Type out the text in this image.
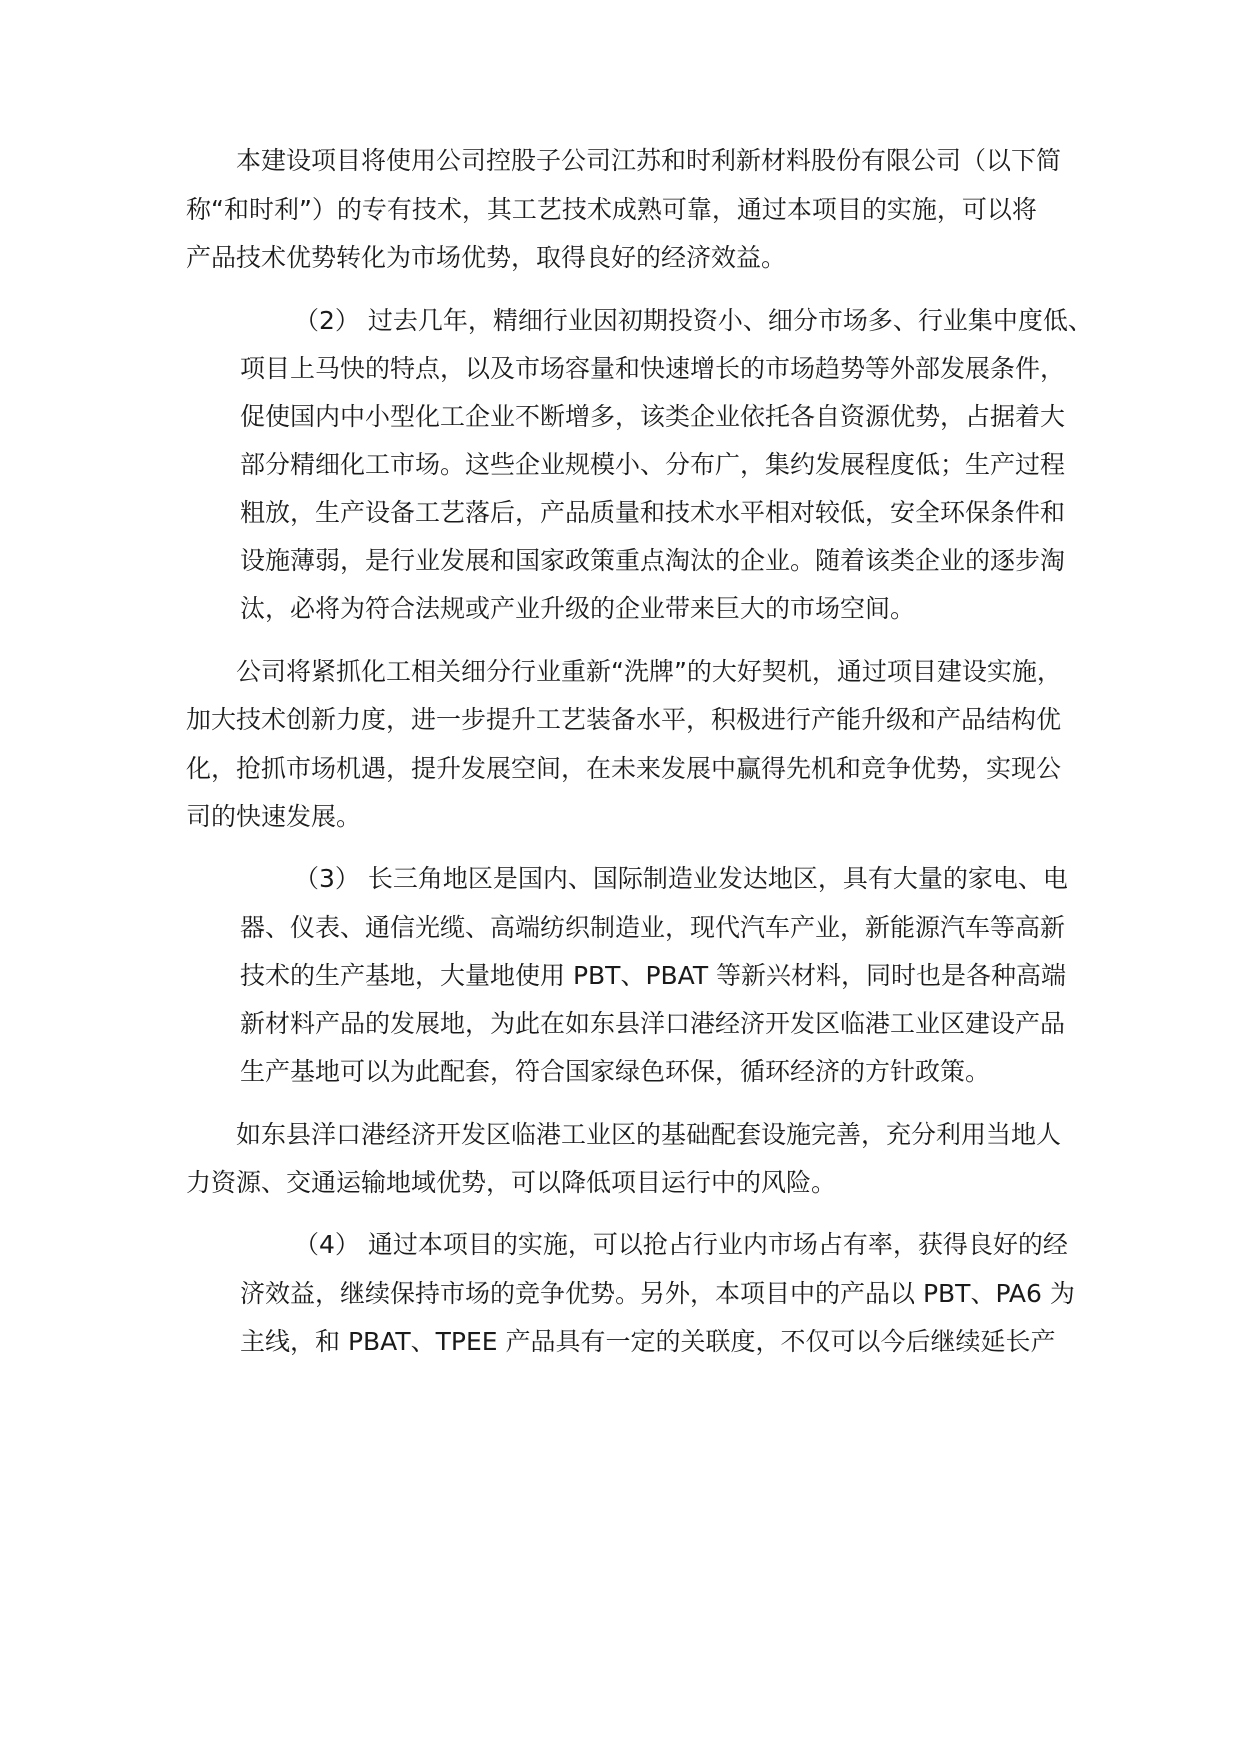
本建设项目将使用公司控股子公司江苏和时利新材料股份有限公司（以下简
称“和时利”）的专有技术，其工艺技术成熟可靠，通过本项目的实施，可以将
产品技术优势转化为市场优势，取得良好的经济效益。
（2） 过去几年，精细行业因初期投资小、细分市场多、行业集中度低、
项目上马快的特点，以及市场容量和快速增长的市场趋势等外部发展条件，
促使国内中小型化工企业不断增多，该类企业依托各自资源优势，占据着大
部分精细化工市场。这些企业规模小、分布广，集约发展程度低；生产过程
粗放，生产设备工艺落后，产品质量和技术水平相对较低，安全环保条件和
设施薄弱，是行业发展和国家政策重点淘汰的企业。随着该类企业的逐步淘
汰，必将为符合法规或产业升级的企业带来巨大的市场空间。
公司将紧抓化工相关细分行业重新“洗牌”的大好契机，通过项目建设实施，
加大技术创新力度，进一步提升工艺装备水平，积极进行产能升级和产品结构优
化，抢抓市场机遇，提升发展空间，在未来发展中赢得先机和竞争优势，实现公
司的快速发展。
（3） 长三角地区是国内、国际制造业发达地区，具有大量的家电、电
器、仪表、通信光缆、高端纺织制造业，现代汽车产业，新能源汽车等高新
技术的生产基地，大量地使用 PBT、PBAT 等新兴材料，同时也是各种高端
新材料产品的发展地，为此在如东县洋口港经济开发区临港工业区建设产品
生产基地可以为此配套，符合国家绿色环保，循环经济的方针政策。
如东县洋口港经济开发区临港工业区的基础配套设施完善，充分利用当地人
力资源、交通运输地域优势，可以降低项目运行中的风险。
（4） 通过本项目的实施，可以抢占行业内市场占有率，获得良好的经
济效益，继续保持市场的竞争优势。另外，本项目中的产品以 PBT、PA6 为
主线，和 PBAT、TPEE 产品具有一定的关联度，不仅可以今后继续延长产
